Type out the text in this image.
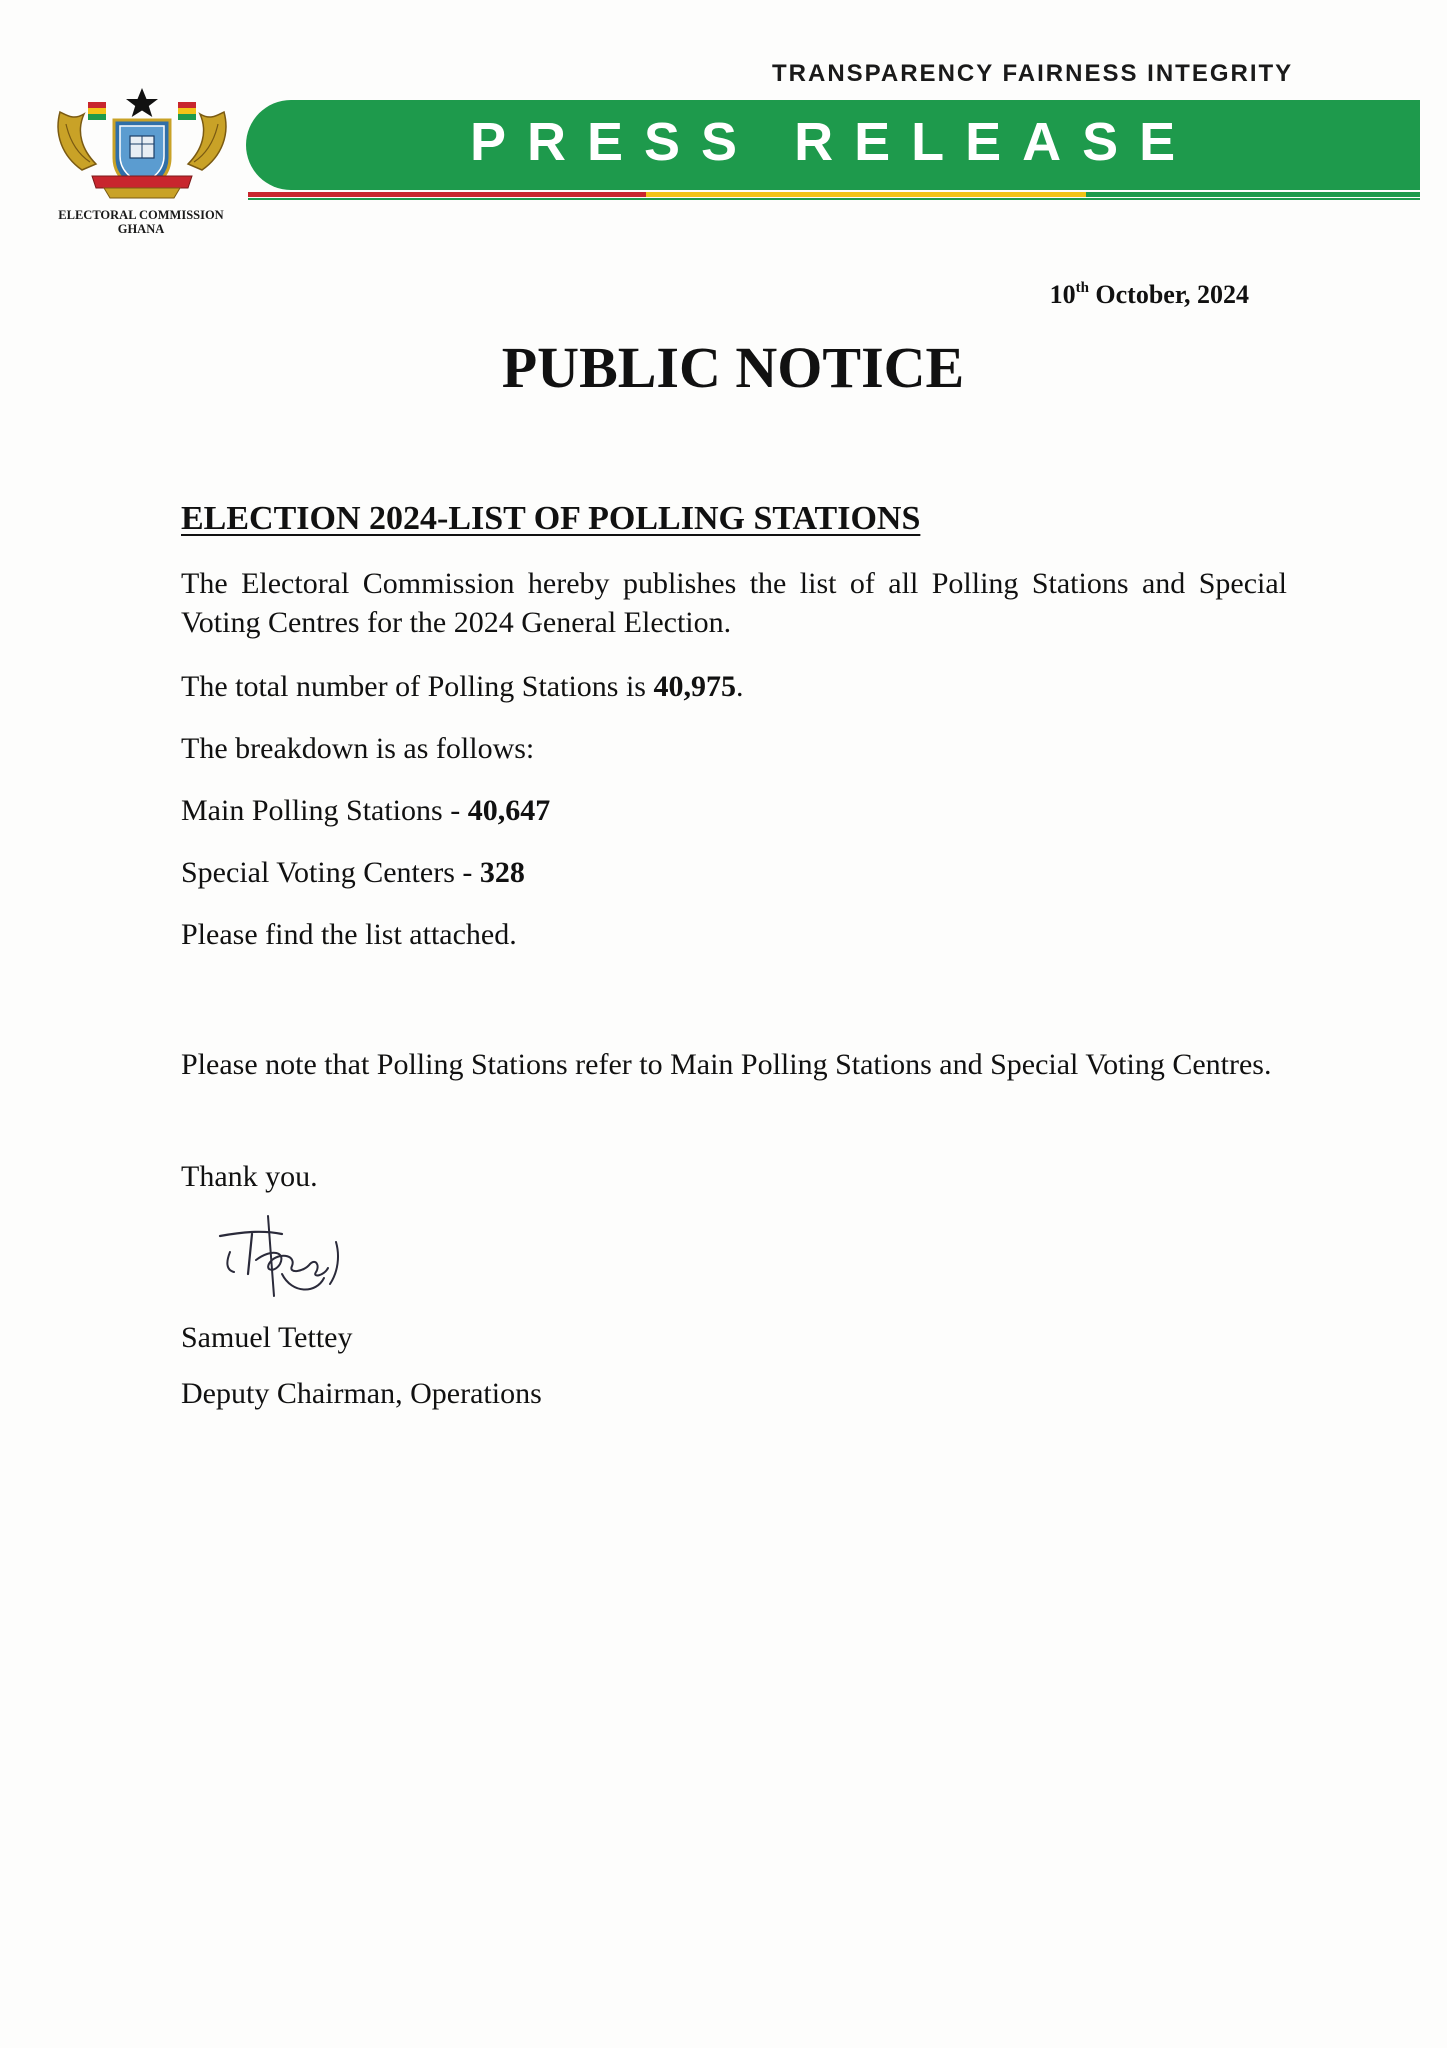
TRANSPARENCY FAIRNESS INTEGRITY
PRESS RELEASE
ELECTORAL COMMISSION
GHANA
10th October, 2024
PUBLIC NOTICE
ELECTION 2024-LIST OF POLLING STATIONS
The Electoral Commission hereby publishes the list of all Polling Stations and Special Voting Centres for the 2024 General Election.
The total number of Polling Stations is 40,975.
The breakdown is as follows:
Main Polling Stations - 40,647
Special Voting Centers - 328
Please find the list attached.
Please note that Polling Stations refer to Main Polling Stations and Special Voting Centres.
Thank you.
Samuel Tettey
Deputy Chairman, Operations
